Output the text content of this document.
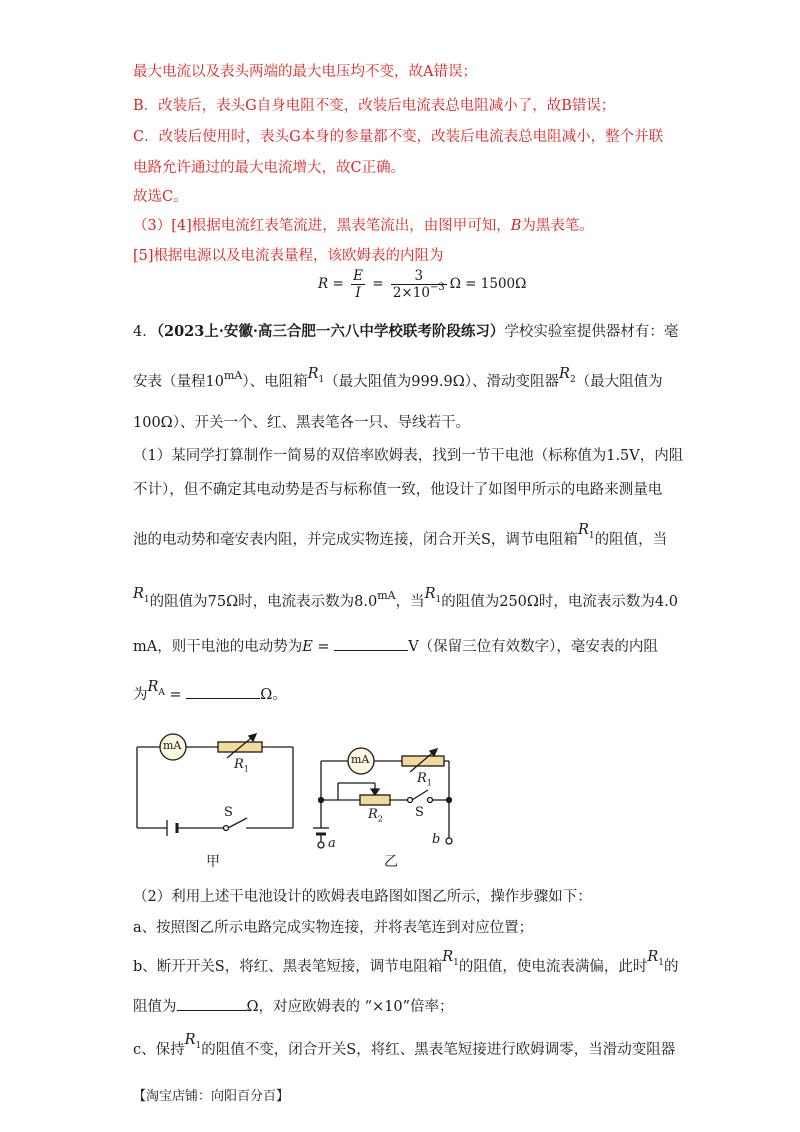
最大电流以及表头两端的最大电压均不变，故A错误；
B．改装后，表头G自身电阻不变，改装后电流表总电阻减小了，故B错误；
C．改装后使用时，表头G本身的参量都不变，改装后电流表总电阻减小，整个并联
电路允许通过的最大电流增大，故C正确。
故选C。
（3）[4]根据电流红表笔流进，黑表笔流出，由图甲可知，B为黑表笔。
[5]根据电源以及电流表量程，该欧姆表的内阻为
$R = \frac{E}{I} = \frac{3}{2\times 10^{-3}}$ Ω = 1500Ω
4．（2023上·安徽·高三合肥一六八中学校联考阶段练习）学校实验室提供器材有：毫
安表（量程$10^{mA}$）、电阻箱$R_1$（最大阻值为999.9Ω）、滑动变阻器$R_2$（最大阻值为
100Ω）、开关一个、红、黑表笔各一只、导线若干。
（1）某同学打算制作一简易的双倍率欧姆表，找到一节干电池（标称值为1.5V，内阻
不计），但不确定其电动势是否与标称值一致，他设计了如图甲所示的电路来测量电
池的电动势和毫安表内阻，并完成实物连接，闭合开关S，调节电阻箱$R_1$的阻值，当
$R_1$的阻值为75Ω时，电流表示数为$8.0^{mA}$，当$R_1$的阻值为250Ω时，电流表示数为4.0
mA，则干电池的电动势为E =	V（保留三位有效数字），毫安表的内阻
为$R_A$ =	Ω。
mA
$R_1$
S
甲
mA
$R_1$
$R_2$ S
a	b
乙
（2）利用上述干电池设计的欧姆表电路图如图乙所示，操作步骤如下：
a、按照图乙所示电路完成实物连接，并将表笔连到对应位置；
b、断开开关S，将红、黑表笔短接，调节电阻箱$R_1$的阻值，使电流表满偏，此时$R_1$的
阻值为	Ω，对应欧姆表的 “×10”倍率；
c、保持$R_1$的阻值不变，闭合开关S，将红、黑表笔短接进行欧姆调零，当滑动变阻器
【淘宝店铺：向阳百分百】
